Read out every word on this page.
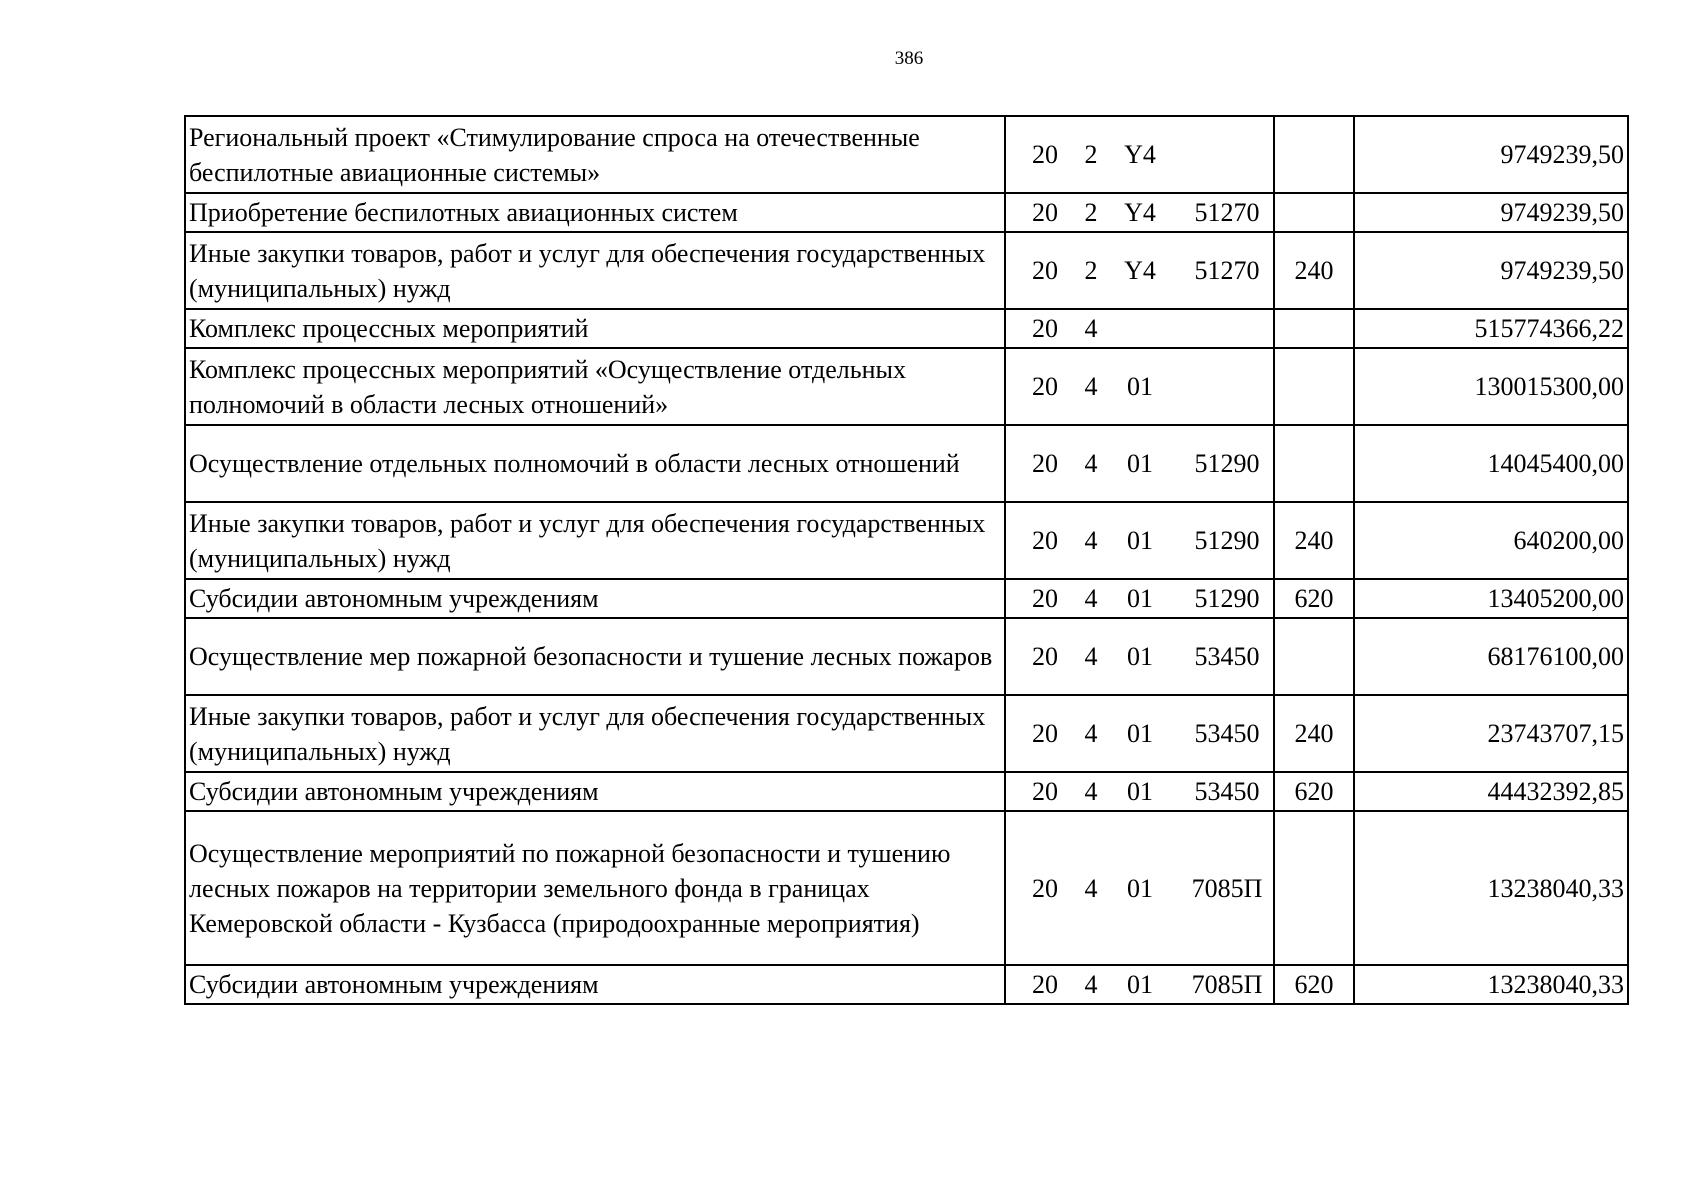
386
Региональный проект «Стимулирование спроса на отечественные беспилотные авиационные системы»	20 2 Y4		9749239,50
Приобретение беспилотных авиационных систем	20 2 Y4 51270		9749239,50
Иные закупки товаров, работ и услуг для обеспечения государственных (муниципальных) нужд	20 2 Y4 51270	240	9749239,50
Комплекс процессных мероприятий	20 4		515774366,22
Комплекс процессных мероприятий «Осуществление отдельных полномочий в области лесных отношений»	20 4 01		130015300,00
Осуществление отдельных полномочий в области лесных отношений	20 4 01 51290		14045400,00
Иные закупки товаров, работ и услуг для обеспечения государственных (муниципальных) нужд	20 4 01 51290	240	640200,00
Субсидии автономным учреждениям	20 4 01 51290	620	13405200,00
Осуществление мер пожарной безопасности и тушение лесных пожаров	20 4 01 53450		68176100,00
Иные закупки товаров, работ и услуг для обеспечения государственных (муниципальных) нужд	20 4 01 53450	240	23743707,15
Субсидии автономным учреждениям	20 4 01 53450	620	44432392,85
Осуществление мероприятий по пожарной безопасности и тушению лесных пожаров на территории земельного фонда в границах Кемеровской области - Кузбасса (природоохранные мероприятия)	20 4 01 7085П		13238040,33
Субсидии автономным учреждениям	20 4 01 7085П	620	13238040,33
